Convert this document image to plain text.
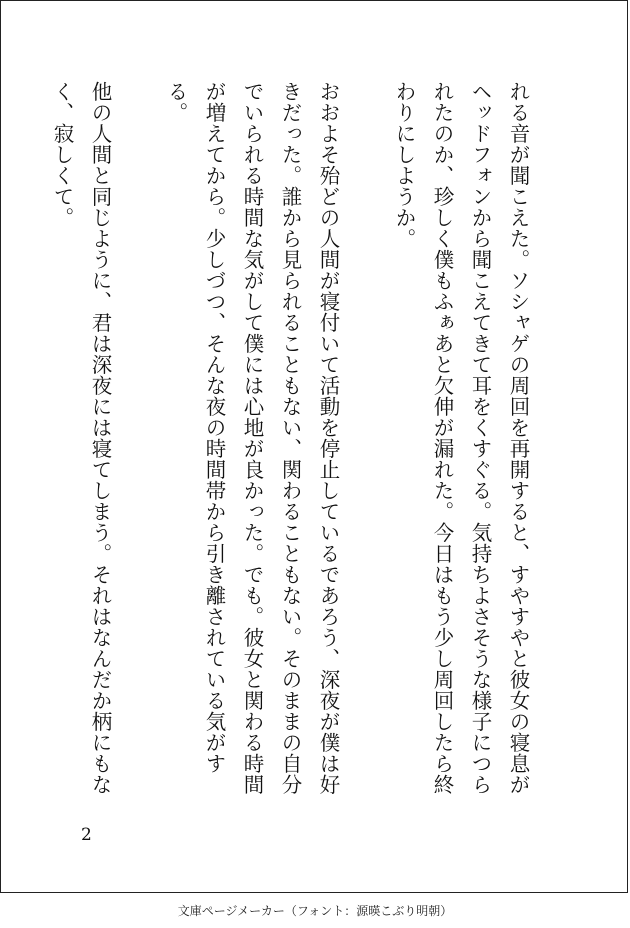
れる音が聞こえた。ソシャゲの周回を再開すると、すやすやと彼女の寝息がヘッドフォンから聞こえてきて耳をくすぐる。気持ちよさそうな様子につられたのか、珍しく僕もふぁあと欠伸が漏れた。今日はもう少し周回したら終わりにしようか。

おおよそ殆どの人間が寝付いて活動を停止しているであろう、深夜が僕は好きだった。誰から見られることもない、関わることもない。そのままの自分でいられる時間な気がして僕には心地が良かった。でも。彼女と関わる時間が増えてから。少しづつ、そんな夜の時間帯から引き離されている気がする。

他の人間と同じように、君は深夜には寝てしまう。それはなんだか柄にもなく、寂しくて。

2

文庫ページメーカー（フォント：源暎こぶり明朝）
